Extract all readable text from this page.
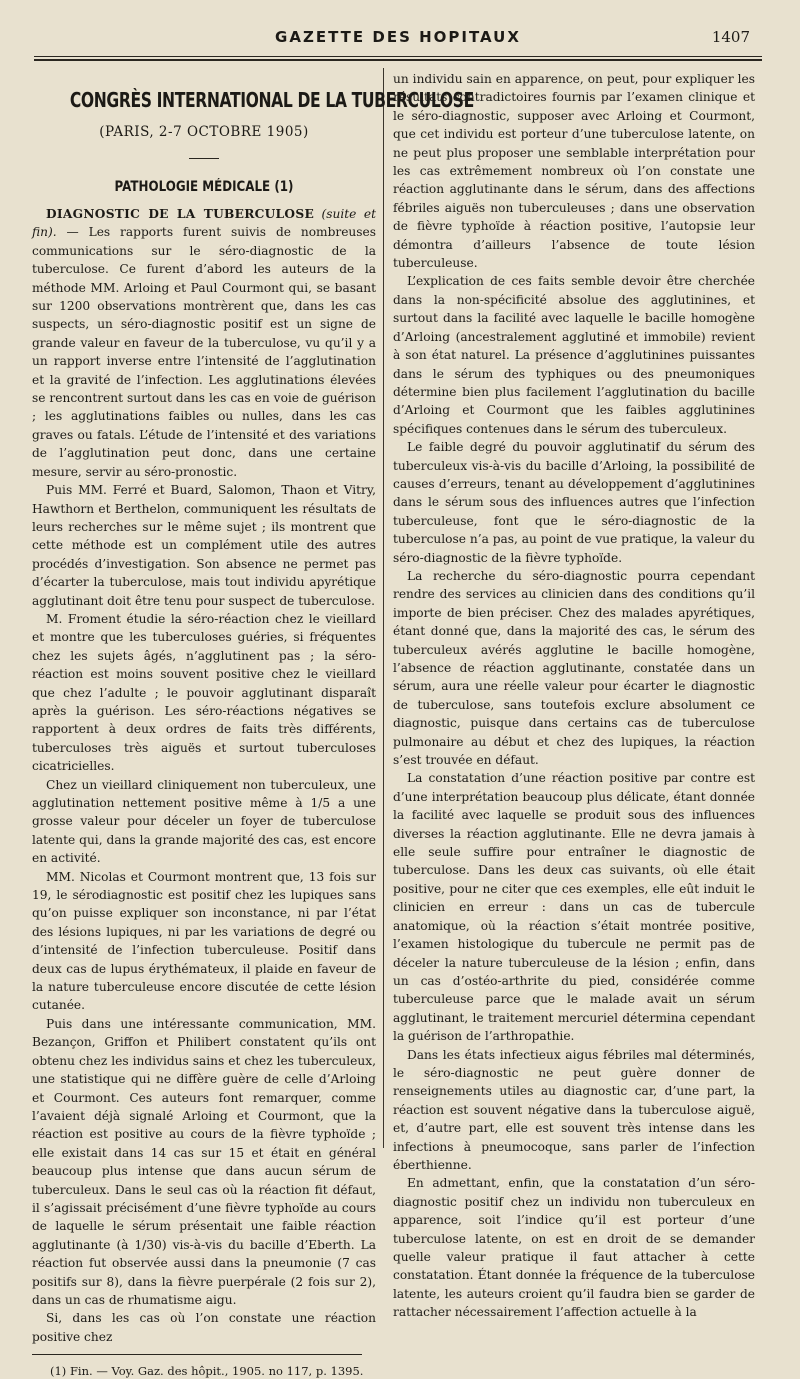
GAZETTE DES HOPITAUX	1407
CONGRÈS INTERNATIONAL DE LA TUBERCULOSE
(PARIS, 2-7 OCTOBRE 1905)
PATHOLOGIE MÉDICALE (1)

DIAGNOSTIC DE LA TUBERCULOSE (suite et fin). — Les rapports furent suivis de nombreuses communications sur le séro-diagnostic de la tuberculose. Ce furent d’abord les auteurs de la méthode MM. Arloing et Paul Courmont qui, se basant sur 1200 observations montrèrent que, dans les cas suspects, un séro-diagnostic positif est un signe de grande valeur en faveur de la tuberculose, vu qu’il y a un rapport inverse entre l’intensité de l’agglutination et la gravité de l’infection. Les agglutinations élevées se rencontrent surtout dans les cas en voie de guérison ; les agglutinations faibles ou nulles, dans les cas graves ou fatals. L’étude de l’intensité et des variations de l’agglutination peut donc, dans une certaine mesure, servir au séro-pronostic.

Puis MM. Ferré et Buard, Salomon, Thaon et Vitry, Hawthorn et Berthelon, communiquent les résultats de leurs recherches sur le même sujet ; ils montrent que cette méthode est un complément utile des autres procédés d’investigation. Son absence ne permet pas d’écarter la tuberculose, mais tout individu apyrétique agglutinant doit être tenu pour suspect de tuberculose.

M. Froment étudie la séro-réaction chez le vieillard et montre que les tuberculoses guéries, si fréquentes chez les sujets âgés, n’agglutinent pas ; la séro-réaction est moins souvent positive chez le vieillard que chez l’adulte ; le pouvoir agglutinant disparaît après la guérison. Les séro-réactions négatives se rapportent à deux ordres de faits très différents, tuberculoses très aiguës et surtout tuberculoses cicatricielles.

Chez un vieillard cliniquement non tuberculeux, une agglutination nettement positive même à 1/5 a une grosse valeur pour déceler un foyer de tuberculose latente qui, dans la grande majorité des cas, est encore en activité.

MM. Nicolas et Courmont montrent que, 13 fois sur 19, le sérodiagnostic est positif chez les lupiques sans qu’on puisse expliquer son inconstance, ni par l’état des lésions lupiques, ni par les variations de degré ou d’intensité de l’infection tuberculeuse. Positif dans deux cas de lupus érythémateux, il plaide en faveur de la nature tuberculeuse encore discutée de cette lésion cutanée.

Puis dans une intéressante communication, MM. Bezançon, Griffon et Philibert constatent qu’ils ont obtenu chez les individus sains et chez les tuberculeux, une statistique qui ne diffère guère de celle d’Arloing et Courmont. Ces auteurs font remarquer, comme l’avaient déjà signalé Arloing et Courmont, que la réaction est positive au cours de la fièvre typhoïde ; elle existait dans 14 cas sur 15 et était en général beaucoup plus intense que dans aucun sérum de tuberculeux. Dans le seul cas où la réaction fit défaut, il s’agissait précisément d’une fièvre typhoïde au cours de laquelle le sérum présentait une faible réaction agglutinante (à 1/30) vis-à-vis du bacille d’Eberth. La réaction fut observée aussi dans la pneumonie (7 cas positifs sur 8), dans la fièvre puerpérale (2 fois sur 2), dans un cas de rhumatisme aigu.

Si, dans les cas où l’on constate une réaction positive chez

(1) Fin. — Voy. Gaz. des hôpit., 1905. no 117, p. 1395.

un individu sain en apparence, on peut, pour expliquer les résultats contradictoires fournis par l’examen clinique et le séro-diagnostic, supposer avec Arloing et Courmont, que cet individu est porteur d’une tuberculose latente, on ne peut plus proposer une semblable interprétation pour les cas extrêmement nombreux où l’on constate une réaction agglutinante dans le sérum, dans des affections fébriles aiguës non tuberculeuses ; dans une observation de fièvre typhoïde à réaction positive, l’autopsie leur démontra d’ailleurs l’absence de toute lésion tuberculeuse.

L’explication de ces faits semble devoir être cherchée dans la non-spécificité absolue des agglutinines, et surtout dans la facilité avec laquelle le bacille homogène d’Arloing (ancestralement agglutiné et immobile) revient à son état naturel. La présence d’agglutinines puissantes dans le sérum des typhiques ou des pneumoniques détermine bien plus facilement l’agglutination du bacille d’Arloing et Courmont que les faibles agglutinines spécifiques contenues dans le sérum des tuberculeux.

Le faible degré du pouvoir agglutinatif du sérum des tuberculeux vis-à-vis du bacille d’Arloing, la possibilité de causes d’erreurs, tenant au développement d’agglutinines dans le sérum sous des influences autres que l’infection tuberculeuse, font que le séro-diagnostic de la tuberculose n’a pas, au point de vue pratique, la valeur du séro-diagnostic de la fièvre typhoïde.

La recherche du séro-diagnostic pourra cependant rendre des services au clinicien dans des conditions qu’il importe de bien préciser. Chez des malades apyrétiques, étant donné que, dans la majorité des cas, le sérum des tuberculeux avérés agglutine le bacille homogène, l’absence de réaction agglutinante, constatée dans un sérum, aura une réelle valeur pour écarter le diagnostic de tuberculose, sans toutefois exclure absolument ce diagnostic, puisque dans certains cas de tuberculose pulmonaire au début et chez des lupiques, la réaction s’est trouvée en défaut.

La constatation d’une réaction positive par contre est d’une interprétation beaucoup plus délicate, étant donnée la facilité avec laquelle se produit sous des influences diverses la réaction agglutinante. Elle ne devra jamais à elle seule suffire pour entraîner le diagnostic de tuberculose. Dans les deux cas suivants, où elle était positive, pour ne citer que ces exemples, elle eût induit le clinicien en erreur : dans un cas de tubercule anatomique, où la réaction s’était montrée positive, l’examen histologique du tubercule ne permit pas de déceler la nature tuberculeuse de la lésion ; enfin, dans un cas d’ostéo-arthrite du pied, considérée comme tuberculeuse parce que le malade avait un sérum agglutinant, le traitement mercuriel détermina cependant la guérison de l’arthropathie.

Dans les états infectieux aigus fébriles mal déterminés, le séro-diagnostic ne peut guère donner de renseignements utiles au diagnostic car, d’une part, la réaction est souvent négative dans la tuberculose aiguë, et, d’autre part, elle est souvent très intense dans les infections à pneumocoque, sans parler de l’infection éberthienne.

En admettant, enfin, que la constatation d’un séro-diagnostic positif chez un individu non tuberculeux en apparence, soit l’indice qu’il est porteur d’une tuberculose latente, on est en droit de se demander quelle valeur pratique il faut attacher à cette constatation. Étant donnée la fréquence de la tuberculose latente, les auteurs croient qu’il faudra bien se garder de rattacher nécessairement l’affection actuelle à la
